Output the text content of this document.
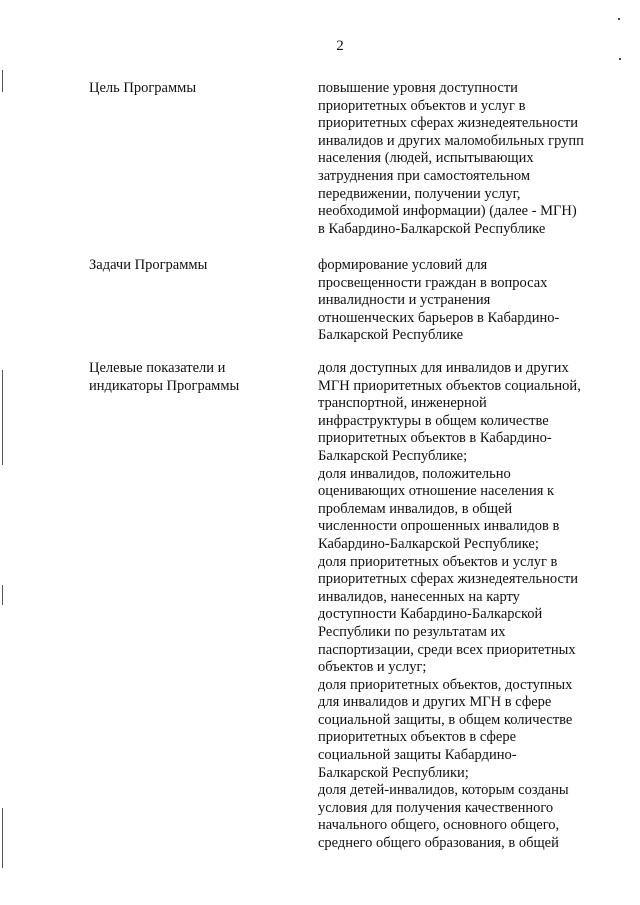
2
Цель Программы	повышение уровня доступности
приоритетных объектов и услуг в
приоритетных сферах жизнедеятельности
инвалидов и других маломобильных групп
населения (людей, испытывающих
затруднения при самостоятельном
передвижении, получении услуг,
необходимой информации) (далее - МГН)
в Кабардино-Балкарской Республике
Задачи Программы	формирование условий для
просвещенности граждан в вопросах
инвалидности и устранения
отношенческих барьеров в Кабардино-
Балкарской Республике
Целевые показатели и
индикаторы Программы
доля доступных для инвалидов и других
МГН приоритетных объектов социальной,
транспортной, инженерной
инфраструктуры в общем количестве
приоритетных объектов в Кабардино-
Балкарской Республике;
доля инвалидов, положительно
оценивающих отношение населения к
проблемам инвалидов, в общей
численности опрошенных инвалидов в
Кабардино-Балкарской Республике;
доля приоритетных объектов и услуг в
приоритетных сферах жизнедеятельности
инвалидов, нанесенных на карту
доступности Кабардино-Балкарской
Республики по результатам их
паспортизации, среди всех приоритетных
объектов и услуг;
доля приоритетных объектов, доступных
для инвалидов и других МГН в сфере
социальной защиты, в общем количестве
приоритетных объектов в сфере
социальной защиты Кабардино-
Балкарской Республики;
доля детей-инвалидов, которым созданы
условия для получения качественного
начального общего, основного общего,
среднего общего образования, в общей
